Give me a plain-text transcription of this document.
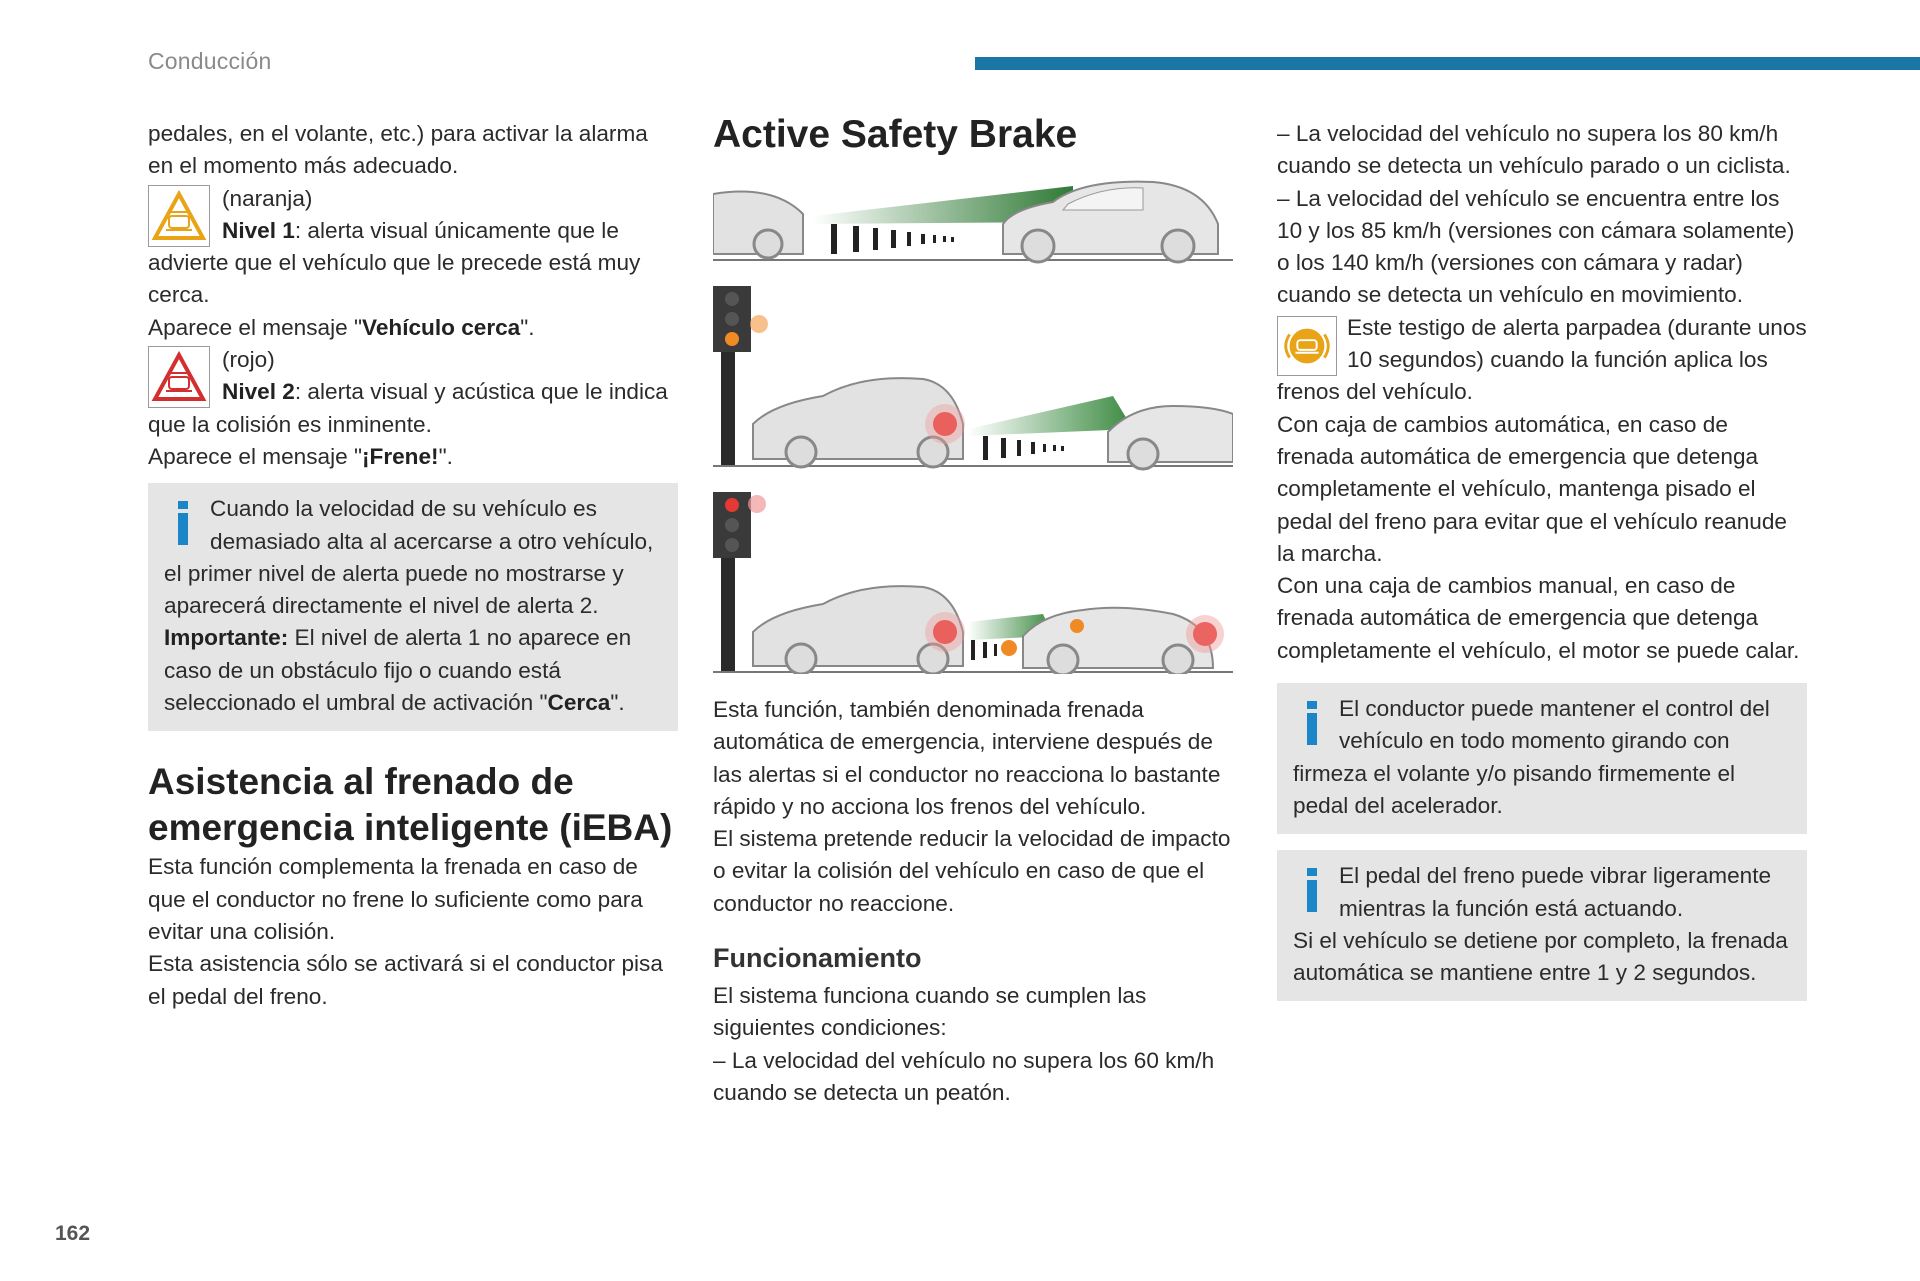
Conducción

pedales, en el volante, etc.) para activar la alarma en el momento más adecuado.

(naranja)

Nivel 1: alerta visual únicamente que le advierte que el vehículo que le precede está muy cerca.

Aparece el mensaje "Vehículo cerca".

(rojo)

Nivel 2: alerta visual y acústica que le indica que la colisión es inminente.

Aparece el mensaje "¡Frene!".

Cuando la velocidad de su vehículo es demasiado alta al acercarse a otro vehículo, el primer nivel de alerta puede no mostrarse y aparecerá directamente el nivel de alerta 2.

Importante: El nivel de alerta 1 no aparece en caso de un obstáculo fijo o cuando está seleccionado el umbral de activación "Cerca".

Asistencia al frenado de emergencia inteligente (iEBA)

Esta función complementa la frenada en caso de que el conductor no frene lo suficiente como para evitar una colisión.

Esta asistencia sólo se activará si el conductor pisa el pedal del freno.

Active Safety Brake

Esta función, también denominada frenada automática de emergencia, interviene después de las alertas si el conductor no reacciona lo bastante rápido y no acciona los frenos del vehículo.

El sistema pretende reducir la velocidad de impacto o evitar la colisión del vehículo en caso de que el conductor no reaccione.

Funcionamiento

El sistema funciona cuando se cumplen las siguientes condiciones:

– La velocidad del vehículo no supera los 60 km/h cuando se detecta un peatón.

– La velocidad del vehículo no supera los 80 km/h cuando se detecta un vehículo parado o un ciclista.

– La velocidad del vehículo se encuentra entre los 10 y los 85 km/h (versiones con cámara solamente) o los 140 km/h (versiones con cámara y radar) cuando se detecta un vehículo en movimiento.

Este testigo de alerta parpadea (durante unos 10 segundos) cuando la función aplica los frenos del vehículo.

Con caja de cambios automática, en caso de frenada automática de emergencia que detenga completamente el vehículo, mantenga pisado el pedal del freno para evitar que el vehículo reanude la marcha.

Con una caja de cambios manual, en caso de frenada automática de emergencia que detenga completamente el vehículo, el motor se puede calar.

El conductor puede mantener el control del vehículo en todo momento girando con firmeza el volante y/o pisando firmemente el pedal del acelerador.

El pedal del freno puede vibrar ligeramente mientras la función está actuando.

Si el vehículo se detiene por completo, la frenada automática se mantiene entre 1 y 2 segundos.

162
